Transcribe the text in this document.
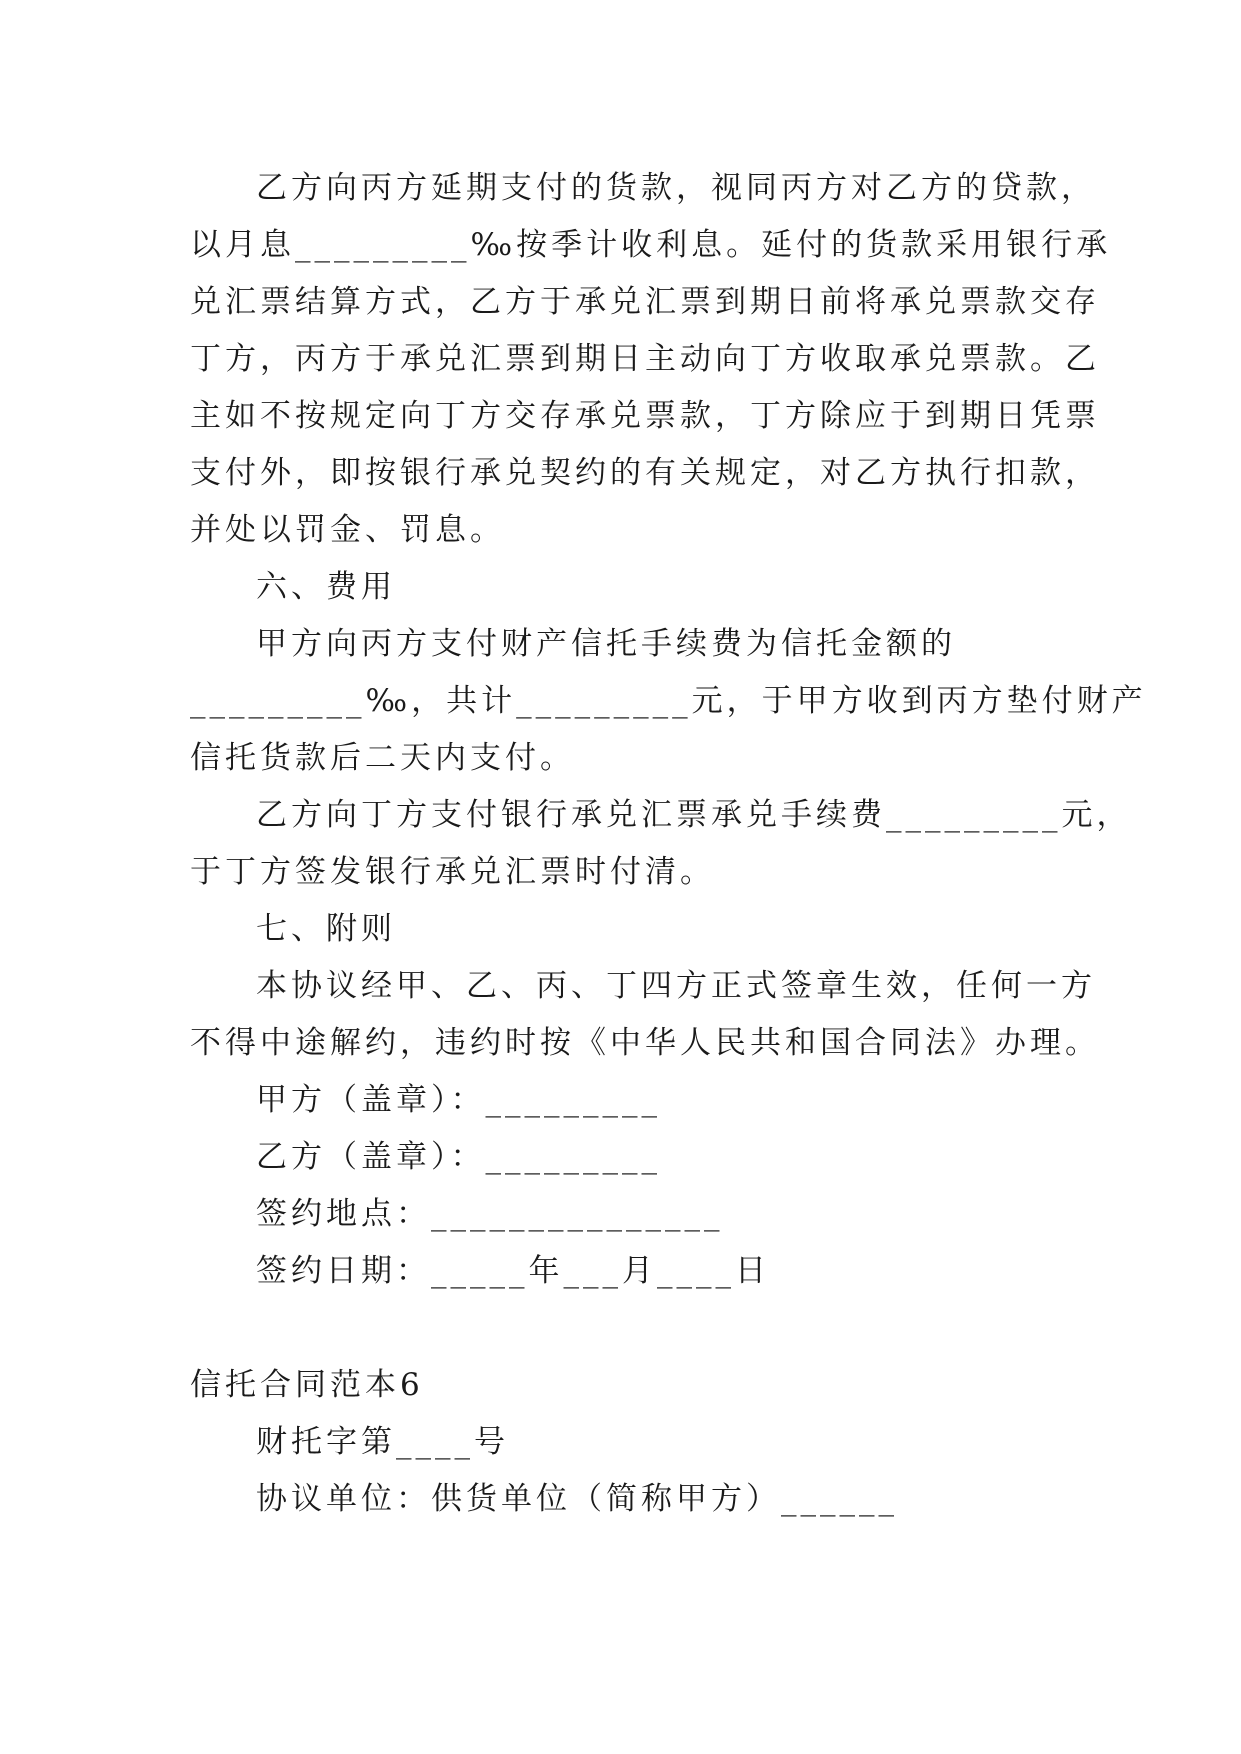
乙方向丙方延期支付的货款，视同丙方对乙方的贷款，
以月息_________‰按季计收利息。延付的货款采用银行承
兑汇票结算方式，乙方于承兑汇票到期日前将承兑票款交存
丁方，丙方于承兑汇票到期日主动向丁方收取承兑票款。乙
主如不按规定向丁方交存承兑票款，丁方除应于到期日凭票
支付外，即按银行承兑契约的有关规定，对乙方执行扣款，
并处以罚金、罚息。
六、费用
甲方向丙方支付财产信托手续费为信托金额的
_________‰，共计_________元，于甲方收到丙方垫付财产
信托货款后二天内支付。
乙方向丁方支付银行承兑汇票承兑手续费_________元，
于丁方签发银行承兑汇票时付清。
七、附则
本协议经甲、乙、丙、丁四方正式签章生效，任何一方
不得中途解约，违约时按《中华人民共和国合同法》办理。
甲方（盖章）：_________
乙方（盖章）：_________
签约地点：_______________
签约日期：_____年___月____日
信托合同范本6
财托字第____号
协议单位：供货单位（简称甲方）______
